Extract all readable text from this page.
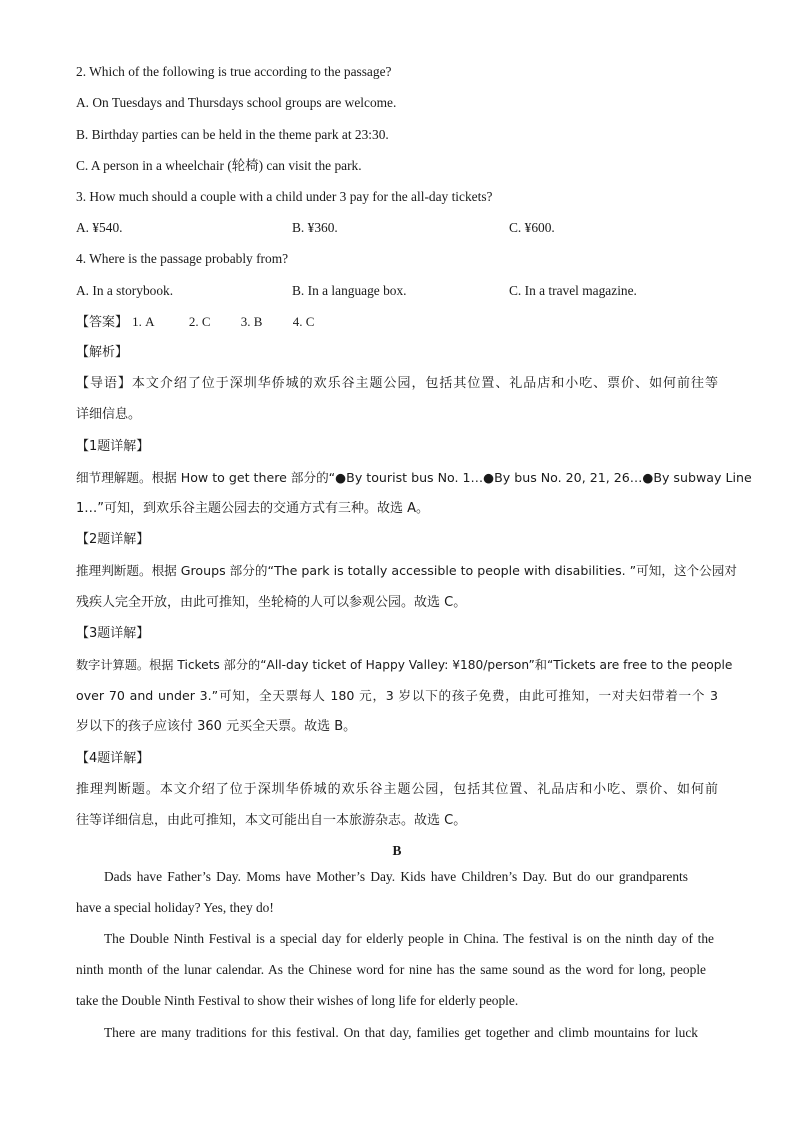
2. Which of the following is true according to the passage?
A. On Tuesdays and Thursdays school groups are welcome.
B. Birthday parties can be held in the theme park at 23:30.
C. A person in a wheelchair (轮椅) can visit the park.
3. How much should a couple with a child under 3 pay for the all-day tickets?
A. ¥540.	B. ¥360.	C. ¥600.
4. Where is the passage probably from?
A. In a storybook.	B. In a language box.	C. In a travel magazine.
【答案】 1. A	2. C 3. B 4. C
【解析】
【导语】本文介绍了位于深圳华侨城的欢乐谷主题公园，包括其位置、礼品店和小吃、票价、如何前往等
详细信息。
【1题详解】
细节理解题。根据 How to get there 部分的“●By tourist bus No. 1…●By bus No. 20, 21, 26…●By subway Line
1…”可知，到欢乐谷主题公园去的交通方式有三种。故选 A。
【2题详解】
推理判断题。根据 Groups 部分的“The park is totally accessible to people with disabilities. ”可知，这个公园对
残疾人完全开放，由此可推知，坐轮椅的人可以参观公园。故选 C。
【3题详解】
数字计算题。根据 Tickets 部分的“All-day ticket of Happy Valley: ¥180/person”和“Tickets are free to the people
over 70 and under 3.”可知，全天票每人 180 元，3 岁以下的孩子免费，由此可推知，一对夫妇带着一个 3
岁以下的孩子应该付 360 元买全天票。故选 B。
【4题详解】
推理判断题。本文介绍了位于深圳华侨城的欢乐谷主题公园，包括其位置、礼品店和小吃、票价、如何前
往等详细信息，由此可推知，本文可能出自一本旅游杂志。故选 C。
B
Dads have Father’s Day. Moms have Mother’s Day. Kids have Children’s Day. But do our grandparents
have a special holiday? Yes, they do!
The Double Ninth Festival is a special day for elderly people in China. The festival is on the ninth day of the
ninth month of the lunar calendar. As the Chinese word for nine has the same sound as the word for long, people
take the Double Ninth Festival to show their wishes of long life for elderly people.
There are many traditions for this festival. On that day, families get together and climb mountains for luck
